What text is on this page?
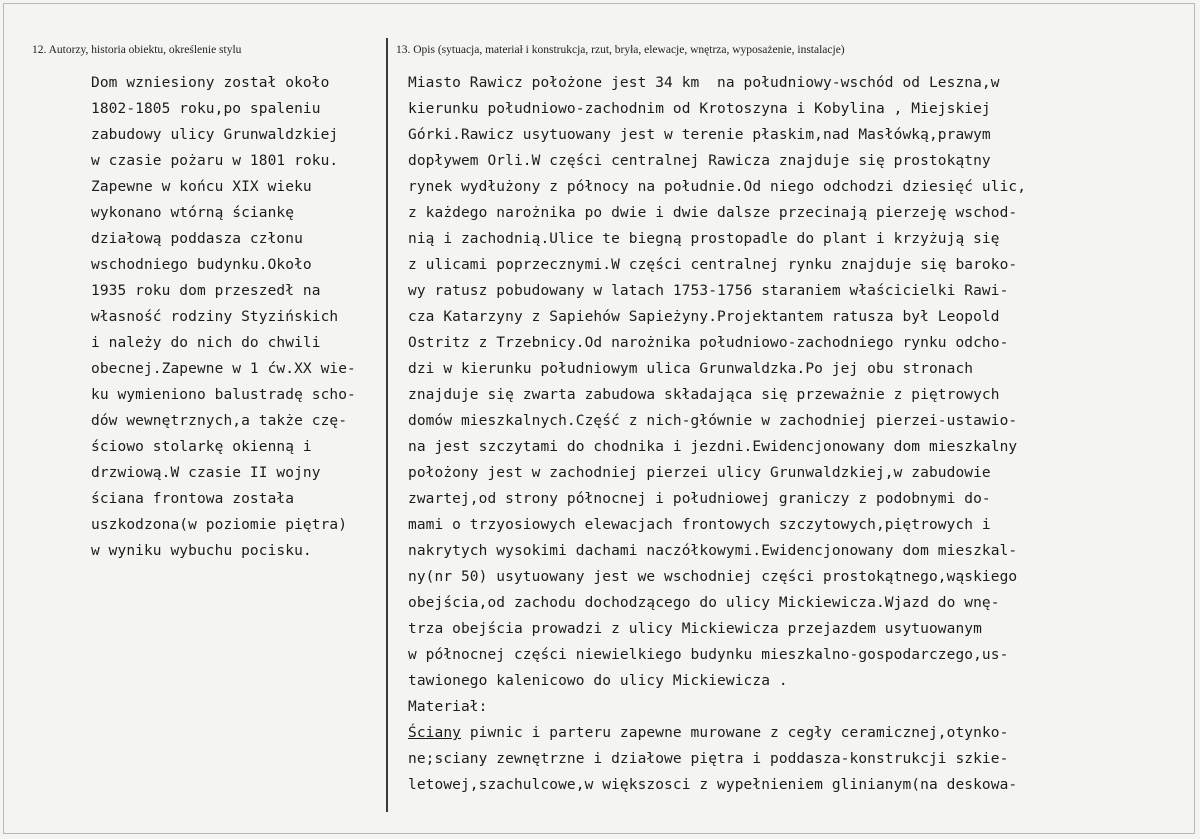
12. Autorzy, historia obiektu, określenie stylu	13. Opis (sytuacja, materiał i konstrukcja, rzut, bryła, elewacje, wnętrza, wyposażenie, instalacje)
Dom wzniesiony został około
1802-1805 roku,po spaleniu
zabudowy ulicy Grunwaldzkiej
w czasie pożaru w 1801 roku.
Zapewne w końcu XIX wieku
wykonano wtórną ściankę
działową poddasza członu
wschodniego budynku.Około
1935 roku dom przeszedł na
własność rodziny Styzińskich
i należy do nich do chwili
obecnej.Zapewne w 1 ćw.XX wie-
ku wymieniono balustradę scho-
dów wewnętrznych,a także czę-
ściowo stolarkę okienną i
drzwiową.W czasie II wojny
ściana frontowa została
uszkodzona(w poziomie piętra)
w wyniku wybuchu pocisku.
Miasto Rawicz położone jest 34 km  na południowy-wschód od Leszna,w
kierunku południowo-zachodnim od Krotoszyna i Kobylina , Miejskiej
Górki.Rawicz usytuowany jest w terenie płaskim,nad Masłówką,prawym
dopływem Orli.W części centralnej Rawicza znajduje się prostokątny
rynek wydłużony z północy na południe.Od niego odchodzi dziesięć ulic,
z każdego narożnika po dwie i dwie dalsze przecinają pierzeję wschod-
nią i zachodnią.Ulice te biegną prostopadle do plant i krzyżują się
z ulicami poprzecznymi.W części centralnej rynku znajduje się baroko-
wy ratusz pobudowany w latach 1753-1756 staraniem właścicielki Rawi-
cza Katarzyny z Sapiehów Sapieżyny.Projektantem ratusza był Leopold
Ostritz z Trzebnicy.Od narożnika południowo-zachodniego rynku odcho-
dzi w kierunku południowym ulica Grunwaldzka.Po jej obu stronach
znajduje się zwarta zabudowa składająca się przeważnie z piętrowych
domów mieszkalnych.Część z nich-głównie w zachodniej pierzei-ustawio-
na jest szczytami do chodnika i jezdni.Ewidencjonowany dom mieszkalny
położony jest w zachodniej pierzei ulicy Grunwaldzkiej,w zabudowie
zwartej,od strony północnej i południowej graniczy z podobnymi do-
mami o trzyosiowych elewacjach frontowych szczytowych,piętrowych i
nakrytych wysokimi dachami naczółkowymi.Ewidencjonowany dom mieszkal-
ny(nr 50) usytuowany jest we wschodniej części prostokątnego,wąskiego
obejścia,od zachodu dochodzącego do ulicy Mickiewicza.Wjazd do wnę-
trza obejścia prowadzi z ulicy Mickiewicza przejazdem usytuowanym
w północnej części niewielkiego budynku mieszkalno-gospodarczego,us-
tawionego kalenicowo do ulicy Mickiewicza .
Materiał:
Ściany piwnic i parteru zapewne murowane z cegły ceramicznej,otynko-
ne;sciany zewnętrzne i działowe piętra i poddasza-konstrukcji szkie-
letowej,szachulcowe,w większosci z wypełnieniem glinianym(na deskowa-
